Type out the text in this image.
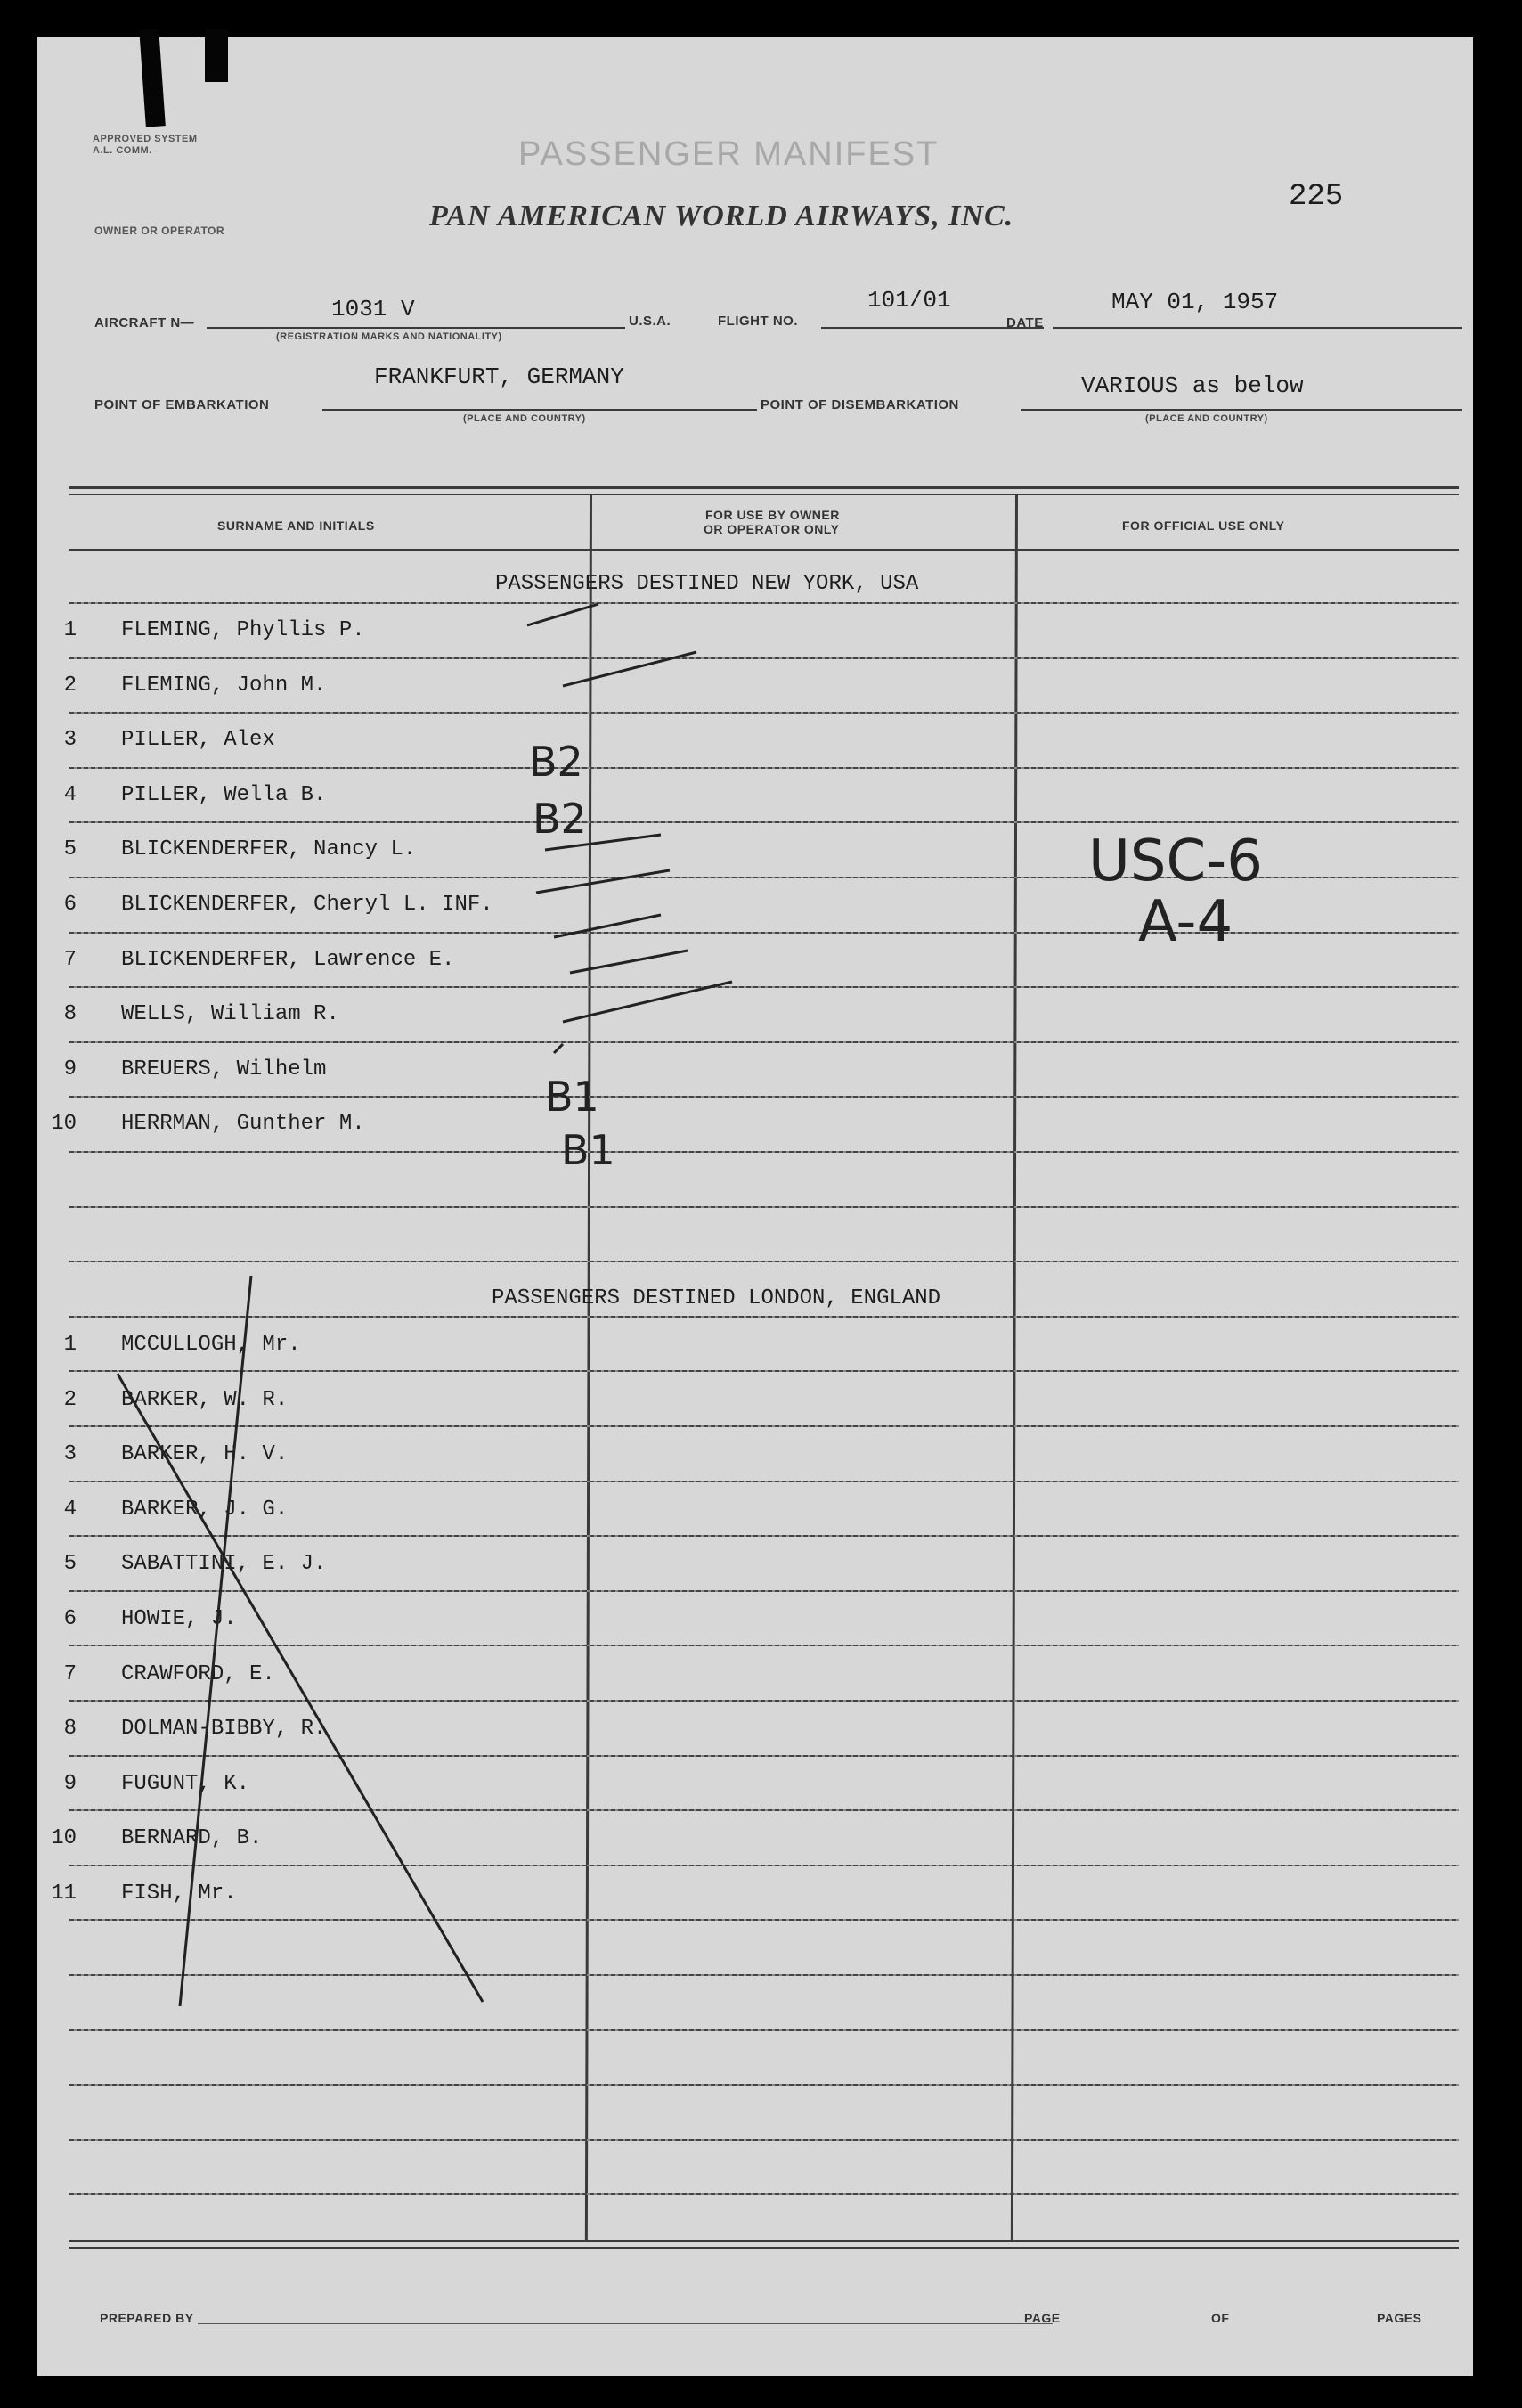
APPROVED SYSTEM A.L. COMM.	PASSENGER MANIFEST
PAN AMERICAN WORLD AIRWAYS, INC.
225
OWNER OR OPERATOR
AIRCRAFT N—
1031 V
(REGISTRATION MARKS AND NATIONALITY)
U.S.A.	FLIGHT NO.
101/01
DATE
MAY 01, 1957
FRANKFURT, GERMANY
POINT OF EMBARKATION
(PLACE AND COUNTRY)
POINT OF DISEMBARKATION
VARIOUS as below
(PLACE AND COUNTRY)
SURNAME AND INITIALS
FOR USE BY OWNER
OR OPERATOR ONLY	FOR OFFICIAL USE ONLY
PASSENGERS DESTINED NEW YORK, USA
1 FLEMING, Phyllis P.
2 FLEMING, John M.
3 PILLER, Alex
4 PILLER, Wella B.
5 BLICKENDERFER, Nancy L.
6 BLICKENDERFER, Cheryl L. INF.
7 BLICKENDERFER, Lawrence E.
8 WELLS, William R.
9 BREUERS, Wilhelm
10 HERRMAN, Gunther M.
PASSENGERS DESTINED LONDON, ENGLAND
1 MCCULLOGH, Mr.
2 BARKER, W. R.
3 BARKER, H. V.
4 BARKER, J. G.
5 SABATTINI, E. J.
6 HOWIE, J.
7 CRAWFORD, E.
8 DOLMAN-BIBBY, R.
9 FUGUNT, K.
10 BERNARD, B.
11 FISH, Mr.
B2
B2
B1
B1
USC-6
A-4
PREPARED BY	PAGE	OF	PAGES
